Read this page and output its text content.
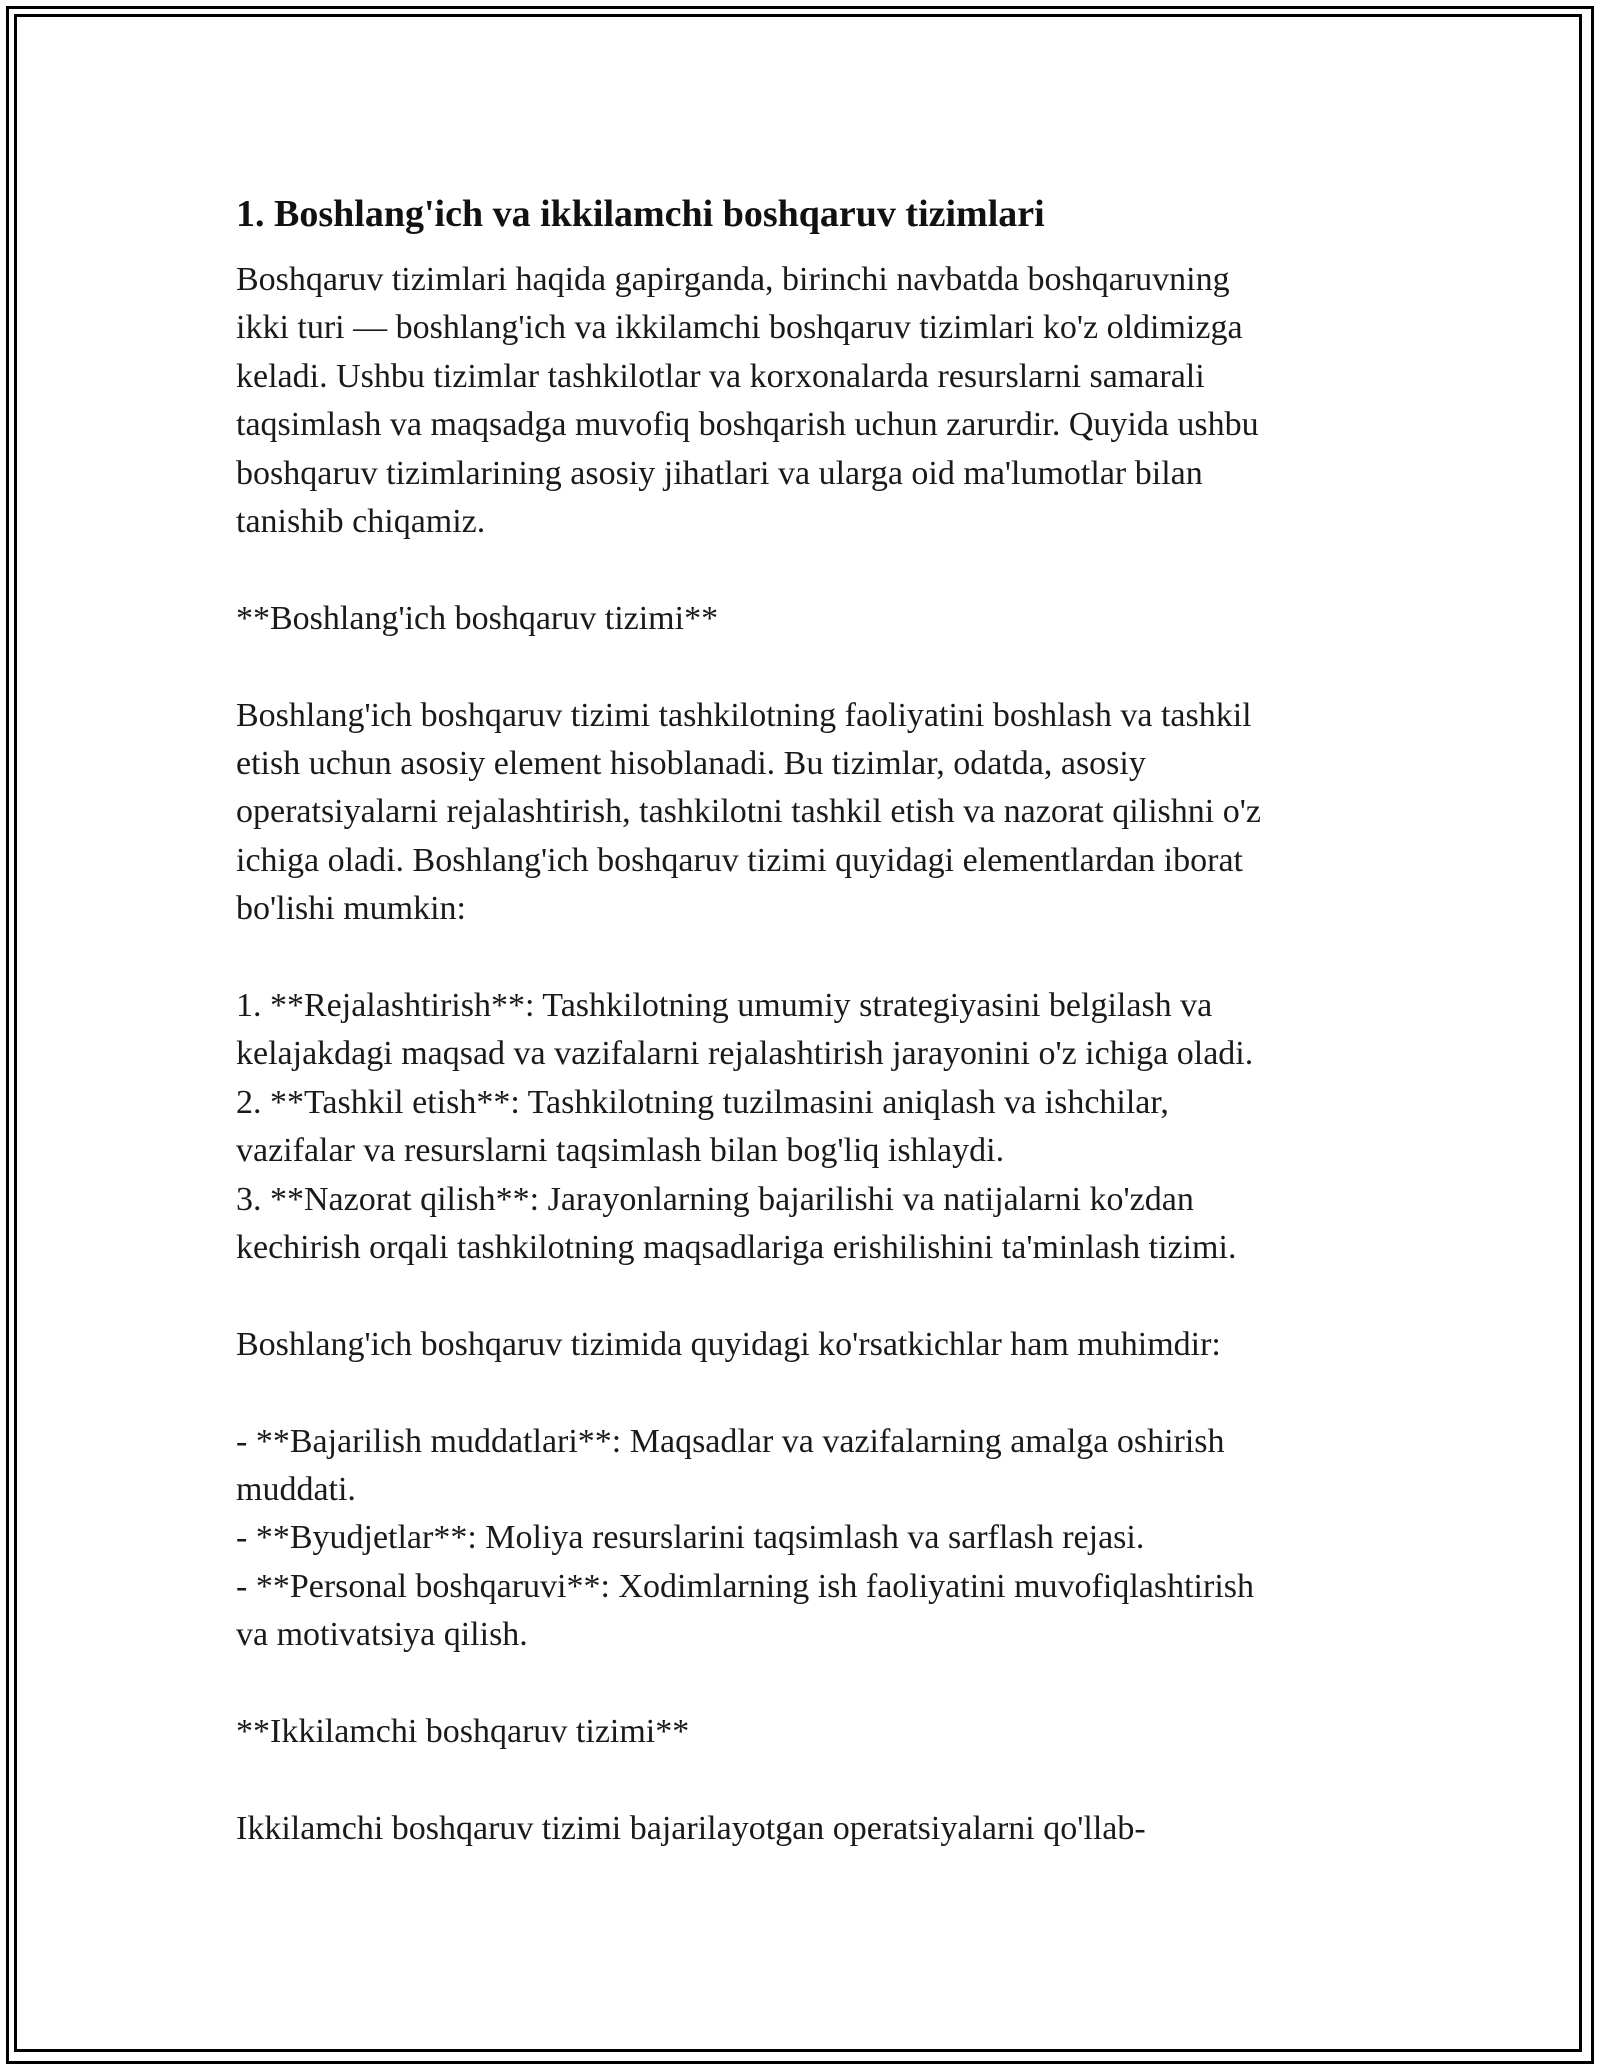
1. Boshlang'ich va ikkilamchi boshqaruv tizimlari
Boshqaruv tizimlari haqida gapirganda, birinchi navbatda boshqaruvning
ikki turi — boshlang'ich va ikkilamchi boshqaruv tizimlari ko'z oldimizga
keladi. Ushbu tizimlar tashkilotlar va korxonalarda resurslarni samarali
taqsimlash va maqsadga muvofiq boshqarish uchun zarurdir. Quyida ushbu
boshqaruv tizimlarining asosiy jihatlari va ularga oid ma'lumotlar bilan
tanishib chiqamiz.
**Boshlang'ich boshqaruv tizimi**
Boshlang'ich boshqaruv tizimi tashkilotning faoliyatini boshlash va tashkil
etish uchun asosiy element hisoblanadi. Bu tizimlar, odatda, asosiy
operatsiyalarni rejalashtirish, tashkilotni tashkil etish va nazorat qilishni o'z
ichiga oladi. Boshlang'ich boshqaruv tizimi quyidagi elementlardan iborat
bo'lishi mumkin:
1. **Rejalashtirish**: Tashkilotning umumiy strategiyasini belgilash va
kelajakdagi maqsad va vazifalarni rejalashtirish jarayonini o'z ichiga oladi.
2. **Tashkil etish**: Tashkilotning tuzilmasini aniqlash va ishchilar,
vazifalar va resurslarni taqsimlash bilan bog'liq ishlaydi.
3. **Nazorat qilish**: Jarayonlarning bajarilishi va natijalarni ko'zdan
kechirish orqali tashkilotning maqsadlariga erishilishini ta'minlash tizimi.
Boshlang'ich boshqaruv tizimida quyidagi ko'rsatkichlar ham muhimdir:
- **Bajarilish muddatlari**: Maqsadlar va vazifalarning amalga oshirish
muddati.
- **Byudjetlar**: Moliya resurslarini taqsimlash va sarflash rejasi.
- **Personal boshqaruvi**: Xodimlarning ish faoliyatini muvofiqlashtirish
va motivatsiya qilish.
**Ikkilamchi boshqaruv tizimi**
Ikkilamchi boshqaruv tizimi bajarilayotgan operatsiyalarni qo'llab-
